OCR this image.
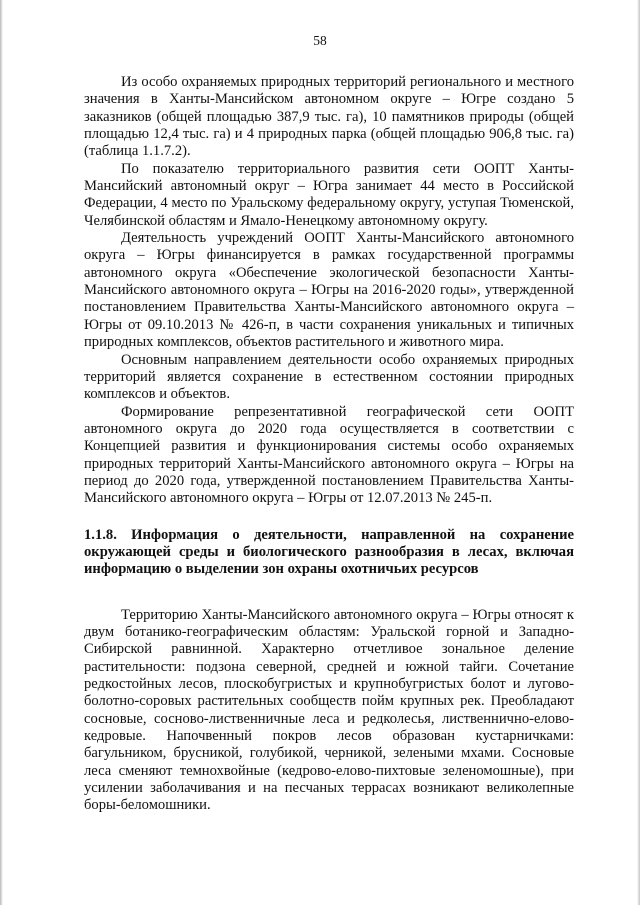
58

Из особо охраняемых природных территорий регионального и местного значения в Ханты-Мансийском автономном округе – Югре создано 5 заказников (общей площадью 387,9 тыс. га), 10 памятников природы (общей площадью 12,4 тыс. га) и 4 природных парка (общей площадью 906,8 тыс. га) (таблица 1.1.7.2).

По показателю территориального развития сети ООПТ Ханты-Мансийский автономный округ – Югра занимает 44 место в Российской Федерации, 4 место по Уральскому федеральному округу, уступая Тюменской, Челябинской областям и Ямало-Ненецкому автономному округу.

Деятельность учреждений ООПТ Ханты-Мансийского автономного округа – Югры финансируется в рамках государственной программы автономного округа «Обеспечение экологической безопасности Ханты-Мансийского автономного округа – Югры на 2016-2020 годы», утвержденной постановлением Правительства Ханты-Мансийского автономного округа – Югры от 09.10.2013 № 426-п, в части сохранения уникальных и типичных природных комплексов, объектов растительного и животного мира.

Основным направлением деятельности особо охраняемых природных территорий является сохранение в естественном состоянии природных комплексов и объектов.

Формирование репрезентативной географической сети ООПТ автономного округа до 2020 года осуществляется в соответствии с Концепцией развития и функционирования системы особо охраняемых природных территорий Ханты-Мансийского автономного округа – Югры на период до 2020 года, утвержденной постановлением Правительства Ханты-Мансийского автономного округа – Югры от 12.07.2013 № 245-п.

1.1.8. Информация о деятельности, направленной на сохранение окружающей среды и биологического разнообразия в лесах, включая информацию о выделении зон охраны охотничьих ресурсов

Территорию Ханты-Мансийского автономного округа – Югры относят к двум ботанико-географическим областям: Уральской горной и Западно-Сибирской равнинной. Характерно отчетливое зональное деление растительности: подзона северной, средней и южной тайги. Сочетание редкостойных лесов, плоскобугристых и крупнобугристых болот и лугово-болотно-соровых растительных сообществ пойм крупных рек. Преобладают сосновые, сосново-лиственничные леса и редколесья, лиственнично-елово-кедровые. Напочвенный покров лесов образован кустарничками: багульником, брусникой, голубикой, черникой, зелеными мхами. Сосновые леса сменяют темнохвойные (кедрово-елово-пихтовые зеленомошные), при усилении заболачивания и на песчаных террасах возникают великолепные боры-беломошники.
